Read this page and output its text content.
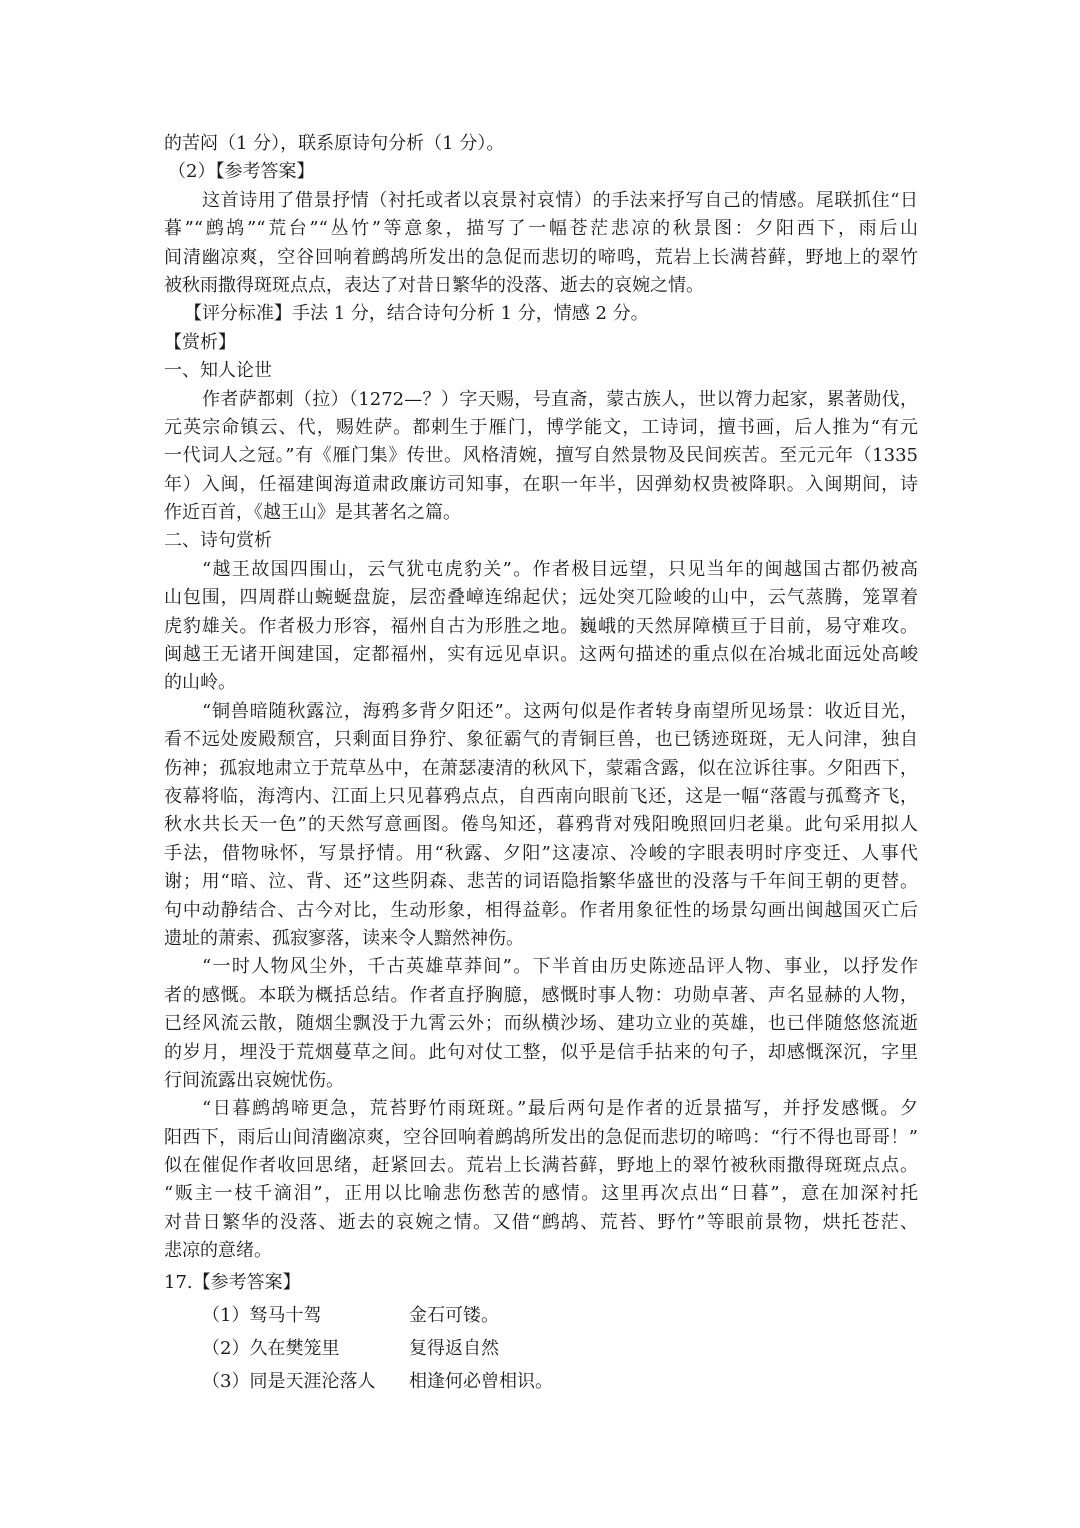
的苦闷（1 分），联系原诗句分析（1 分）。
（2）【参考答案】
这首诗用了借景抒情（衬托或者以哀景衬哀情）的手法来抒写自己的情感。尾联抓住“日
暮”“鹧鸪”“荒台”“丛竹”等意象，描写了一幅苍茫悲凉的秋景图：夕阳西下，雨后山
间清幽凉爽，空谷回响着鹧鸪所发出的急促而悲切的啼鸣，荒岩上长满苔藓，野地上的翠竹
被秋雨撒得斑斑点点，表达了对昔日繁华的没落、逝去的哀婉之情。
【评分标准】手法 1 分，结合诗句分析 1 分，情感 2 分。
【赏析】
一、知人论世
作者萨都剌（拉）（1272—？）字天赐，号直斋，蒙古族人，世以膂力起家，累著勋伐，
元英宗命镇云、代，赐姓萨。都剌生于雁门，博学能文，工诗词，擅书画，后人推为“有元
一代词人之冠。”有《雁门集》传世。风格清婉，擅写自然景物及民间疾苦。至元元年（1335
年）入闽，任福建闽海道肃政廉访司知事，在职一年半，因弹劾权贵被降职。入闽期间，诗
作近百首，《越王山》是其著名之篇。
二、诗句赏析
“越王故国四围山，云气犹屯虎豹关”。作者极目远望，只见当年的闽越国古都仍被高
山包围，四周群山蜿蜒盘旋，层峦叠嶂连绵起伏；远处突兀险峻的山中，云气蒸腾，笼罩着
虎豹雄关。作者极力形容，福州自古为形胜之地。巍峨的天然屏障横亘于目前，易守难攻。
闽越王无诸开闽建国，定都福州，实有远见卓识。这两句描述的重点似在冶城北面远处高峻
的山岭。
“铜兽暗随秋露泣，海鸦多背夕阳还”。这两句似是作者转身南望所见场景：收近目光，
看不远处废殿颓宫，只剩面目狰狞、象征霸气的青铜巨兽，也已锈迹斑斑，无人问津，独自
伤神；孤寂地肃立于荒草丛中，在萧瑟凄清的秋风下，蒙霜含露，似在泣诉往事。夕阳西下，
夜幕将临，海湾内、江面上只见暮鸦点点，自西南向眼前飞还，这是一幅“落霞与孤鹜齐飞，
秋水共长天一色”的天然写意画图。倦鸟知还，暮鸦背对残阳晚照回归老巢。此句采用拟人
手法，借物咏怀，写景抒情。用“秋露、夕阳”这凄凉、冷峻的字眼表明时序变迁、人事代
谢；用“暗、泣、背、还”这些阴森、悲苦的词语隐指繁华盛世的没落与千年间王朝的更替。
句中动静结合、古今对比，生动形象，相得益彰。作者用象征性的场景勾画出闽越国灭亡后
遗址的萧索、孤寂寥落，读来令人黯然神伤。
“一时人物风尘外，千古英雄草莽间”。下半首由历史陈迹品评人物、事业，以抒发作
者的感慨。本联为概括总结。作者直抒胸臆，感慨时事人物：功勋卓著、声名显赫的人物，
已经风流云散，随烟尘飘没于九霄云外；而纵横沙场、建功立业的英雄，也已伴随悠悠流逝
的岁月，埋没于荒烟蔓草之间。此句对仗工整，似乎是信手拈来的句子，却感慨深沉，字里
行间流露出哀婉忧伤。
“日暮鹧鸪啼更急，荒苔野竹雨斑斑。”最后两句是作者的近景描写，并抒发感慨。夕
阳西下，雨后山间清幽凉爽，空谷回响着鹧鸪所发出的急促而悲切的啼鸣：“行不得也哥哥！”
似在催促作者收回思绪，赶紧回去。荒岩上长满苔藓，野地上的翠竹被秋雨撒得斑斑点点。
“贩主一枝千滴泪”，正用以比喻悲伤愁苦的感情。这里再次点出“日暮”，意在加深衬托
对昔日繁华的没落、逝去的哀婉之情。又借“鹧鸪、荒苔、野竹”等眼前景物，烘托苍茫、
悲凉的意绪。
17.【参考答案】
（1）驽马十驾	金石可镂。
（2）久在樊笼里	复得返自然
（3）同是天涯沦落人	相逢何必曾相识。
